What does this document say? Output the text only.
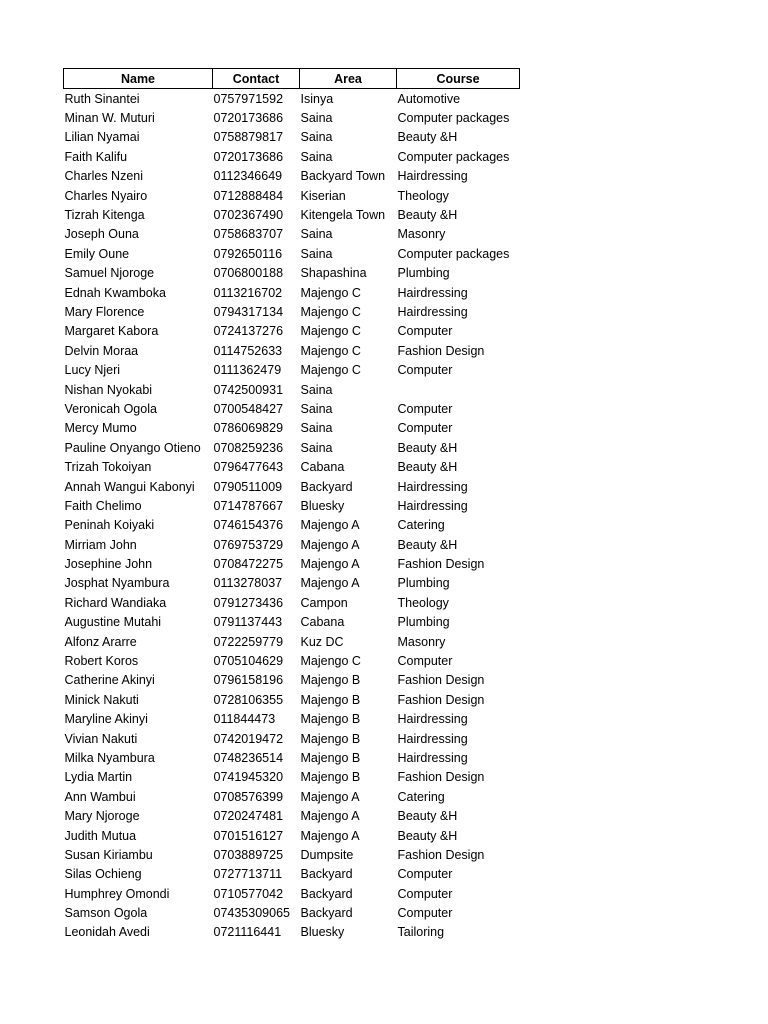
Name	Contact	Area	Course
Ruth Sinantei	0757971592	Isinya	Automotive
Minan W. Muturi	0720173686	Saina	Computer packages
Lilian Nyamai	0758879817	Saina	Beauty &H
Faith Kalifu	0720173686	Saina	Computer packages
Charles Nzeni	0112346649	Backyard Town	Hairdressing
Charles Nyairo	0712888484	Kiserian	Theology
Tizrah Kitenga	0702367490	Kitengela Town	Beauty &H
Joseph Ouna	0758683707	Saina	Masonry
Emily Oune	0792650116	Saina	Computer packages
Samuel Njoroge	0706800188	Shapashina	Plumbing
Ednah Kwamboka	0113216702	Majengo C	Hairdressing
Mary Florence	0794317134	Majengo C	Hairdressing
Margaret Kabora	0724137276	Majengo C	Computer
Delvin Moraa	0114752633	Majengo C	Fashion Design
Lucy Njeri	0111362479	Majengo C	Computer
Nishan Nyokabi	0742500931	Saina	
Veronicah Ogola	0700548427	Saina	Computer
Mercy Mumo	0786069829	Saina	Computer
Pauline Onyango Otieno	0708259236	Saina	Beauty &H
Trizah Tokoiyan	0796477643	Cabana	Beauty &H
Annah Wangui Kabonyi	0790511009	Backyard	Hairdressing
Faith Chelimo	0714787667	Bluesky	Hairdressing
Peninah Koiyaki	0746154376	Majengo A	Catering
Mirriam John	0769753729	Majengo A	Beauty &H
Josephine John	0708472275	Majengo A	Fashion Design
Josphat Nyambura	0113278037	Majengo A	Plumbing
Richard Wandiaka	0791273436	Campon	Theology
Augustine Mutahi	0791137443	Cabana	Plumbing
Alfonz Ararre	0722259779	Kuz DC	Masonry
Robert Koros	0705104629	Majengo C	Computer
Catherine Akinyi	0796158196	Majengo B	Fashion Design
Minick Nakuti	0728106355	Majengo B	Fashion Design
Maryline Akinyi	011844473	Majengo B	Hairdressing
Vivian Nakuti	0742019472	Majengo B	Hairdressing
Milka Nyambura	0748236514	Majengo B	Hairdressing
Lydia Martin	0741945320	Majengo B	Fashion Design
Ann Wambui	0708576399	Majengo A	Catering
Mary Njoroge	0720247481	Majengo A	Beauty &H
Judith Mutua	0701516127	Majengo A	Beauty &H
Susan Kiriambu	0703889725	Dumpsite	Fashion Design
Silas Ochieng	0727713711	Backyard	Computer
Humphrey Omondi	0710577042	Backyard	Computer
Samson Ogola	07435309065	Backyard	Computer
Leonidah Avedi	0721116441	Bluesky	Tailoring
